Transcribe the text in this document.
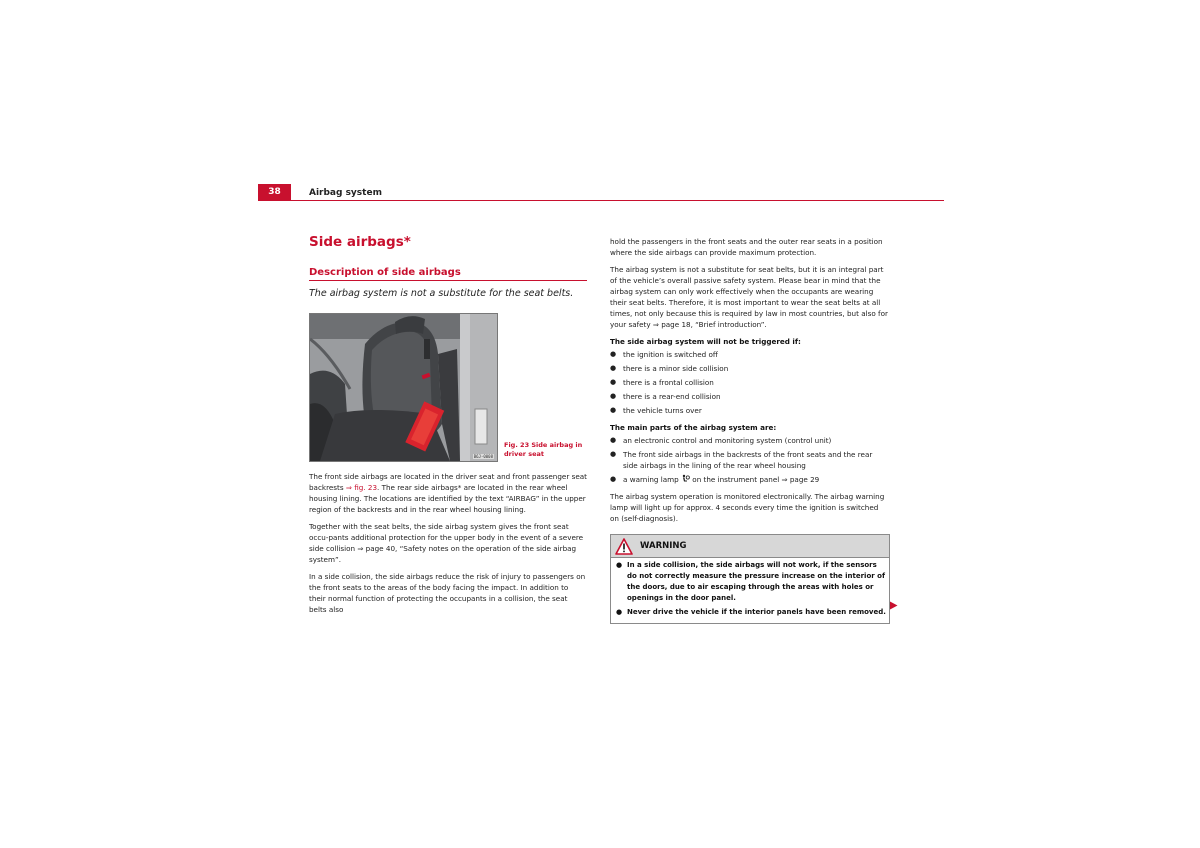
38	Airbag system
Side airbags*
Description of side airbags
The airbag system is not a substitute for the seat belts.
B6J-0008
Fig. 23 Side airbag in driver seat

The front side airbags are located in the driver seat and front passenger seat backrests ⇒ fig. 23. The rear side airbags* are located in the rear wheel housing lining. The locations are identified by the text “AIRBAG” in the upper region of the backrests and in the rear wheel housing lining.

Together with the seat belts, the side airbag system gives the front seat occu-pants additional protection for the upper body in the event of a severe side collision ⇒ page 40, “Safety notes on the operation of the side airbag system”.

In a side collision, the side airbags reduce the risk of injury to passengers on the front seats to the areas of the body facing the impact. In addition to their normal function of protecting the occupants in a collision, the seat belts also

hold the passengers in the front seats and the outer rear seats in a position where the side airbags can provide maximum protection.

The airbag system is not a substitute for seat belts, but it is an integral part of the vehicle’s overall passive safety system. Please bear in mind that the airbag system can only work effectively when the occupants are wearing their seat belts. Therefore, it is most important to wear the seat belts at all times, not only because this is required by law in most countries, but also for your safety ⇒ page 18, “Brief introduction”.

The side airbag system will not be triggered if:
● the ignition is switched off
● there is a minor side collision
● there is a frontal collision
● there is a rear-end collision
● the vehicle turns over
The main parts of the airbag system are:
● an electronic control and monitoring system (control unit)
● The front side airbags in the backrests of the front seats and the rear side airbags in the lining of the rear wheel housing
● a warning lamp  on the instrument panel ⇒ page 29

The airbag system operation is monitored electronically. The airbag warning lamp will light up for approx. 4 seconds every time the ignition is switched on (self-diagnosis).

WARNING
● In a side collision, the side airbags will not work, if the sensors do not correctly measure the pressure increase on the interior of the doors, due to air escaping through the areas with holes or openings in the door panel.
● Never drive the vehicle if the interior panels have been removed.
